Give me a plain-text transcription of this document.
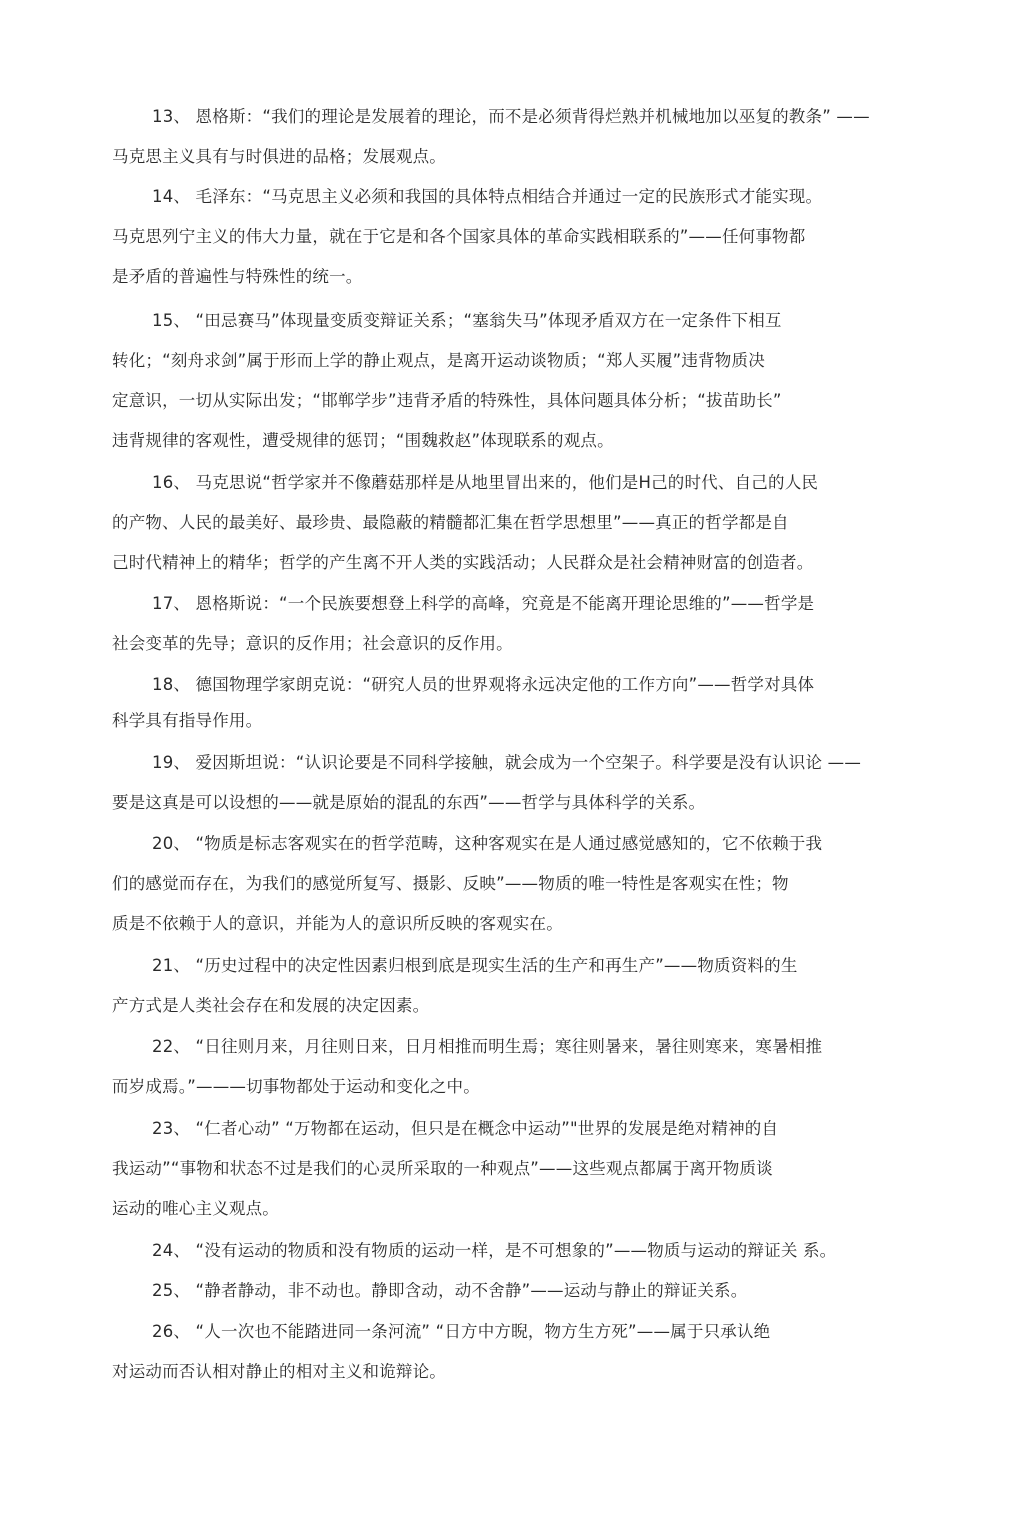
13、 恩格斯：“我们的理论是发展着的理论，而不是必须背得烂熟并机械地加以巫复的教条” ——
马克思主义具有与时俱进的品格；发展观点。
14、 毛泽东：“马克思主义必须和我国的具体特点相结合并通过一定的民族形式才能实现。
马克思列宁主义的伟大力量，就在于它是和各个国家具体的革命实践相联系的”——任何事物都
是矛盾的普遍性与特殊性的统一。
15、 “田忌赛马”体现量变质变辩证关系；“塞翁失马”体现矛盾双方在一定条件下相互
转化；“刻舟求剑”属于形而上学的静止观点，是离开运动谈物质；“郑人买履”违背物质决
定意识，一切从实际出发；“邯郸学步”违背矛盾的特殊性，具体问题具体分析；“拔苗助长”
违背规律的客观性，遭受规律的惩罚；“围魏救赵”体现联系的观点。
16、 马克思说“哲学家并不像蘑菇那样是从地里冒出来的，他们是H己的时代、自己的人民
的产物、人民的最美好、最珍贵、最隐蔽的精髓都汇集在哲学思想里”——真正的哲学都是自
己时代精神上的精华；哲学的产生离不开人类的实践活动；人民群众是社会精神财富的创造者。
17、 恩格斯说：“一个民族要想登上科学的高峰，究竟是不能离开理论思维的”——哲学是
社会变革的先导；意识的反作用；社会意识的反作用。
18、 德国物理学家朗克说：“研究人员的世界观将永远决定他的工作方向”——哲学对具体
科学具有指导作用。
19、 爱因斯坦说：“认识论要是不同科学接触，就会成为一个空架子。科学要是没有认识论 ——
要是这真是可以设想的——就是原始的混乱的东西”——哲学与具体科学的关系。
20、 “物质是标志客观实在的哲学范畴，这种客观实在是人通过感觉感知的，它不依赖于我
们的感觉而存在，为我们的感觉所复写、摄影、反映”——物质的唯一特性是客观实在性；物
质是不依赖于人的意识，并能为人的意识所反映的客观实在。
21、 “历史过程中的决定性因素归根到底是现实生活的生产和再生产”——物质资料的生
产方式是人类社会存在和发展的决定因素。
22、 “日往则月来，月往则日来，日月相推而明生焉；寒往则暑来，暑往则寒来，寒暑相推
而岁成焉。”———切事物都处于运动和变化之中。
23、 “仁者心动” “万物都在运动，但只是在概念中运动”"世界的发展是绝对精神的自
我运动”“事物和状态不过是我们的心灵所采取的一种观点”——这些观点都属于离开物质谈
运动的唯心主义观点。
24、 “没有运动的物质和没有物质的运动一样，是不可想象的”——物质与运动的辩证关 系。
25、 “静者静动，非不动也。静即含动，动不舍静”——运动与静止的辩证关系。
26、 “人一次也不能踏进同一条河流” “日方中方睨，物方生方死”——属于只承认绝
对运动而否认相对静止的相对主义和诡辩论。
